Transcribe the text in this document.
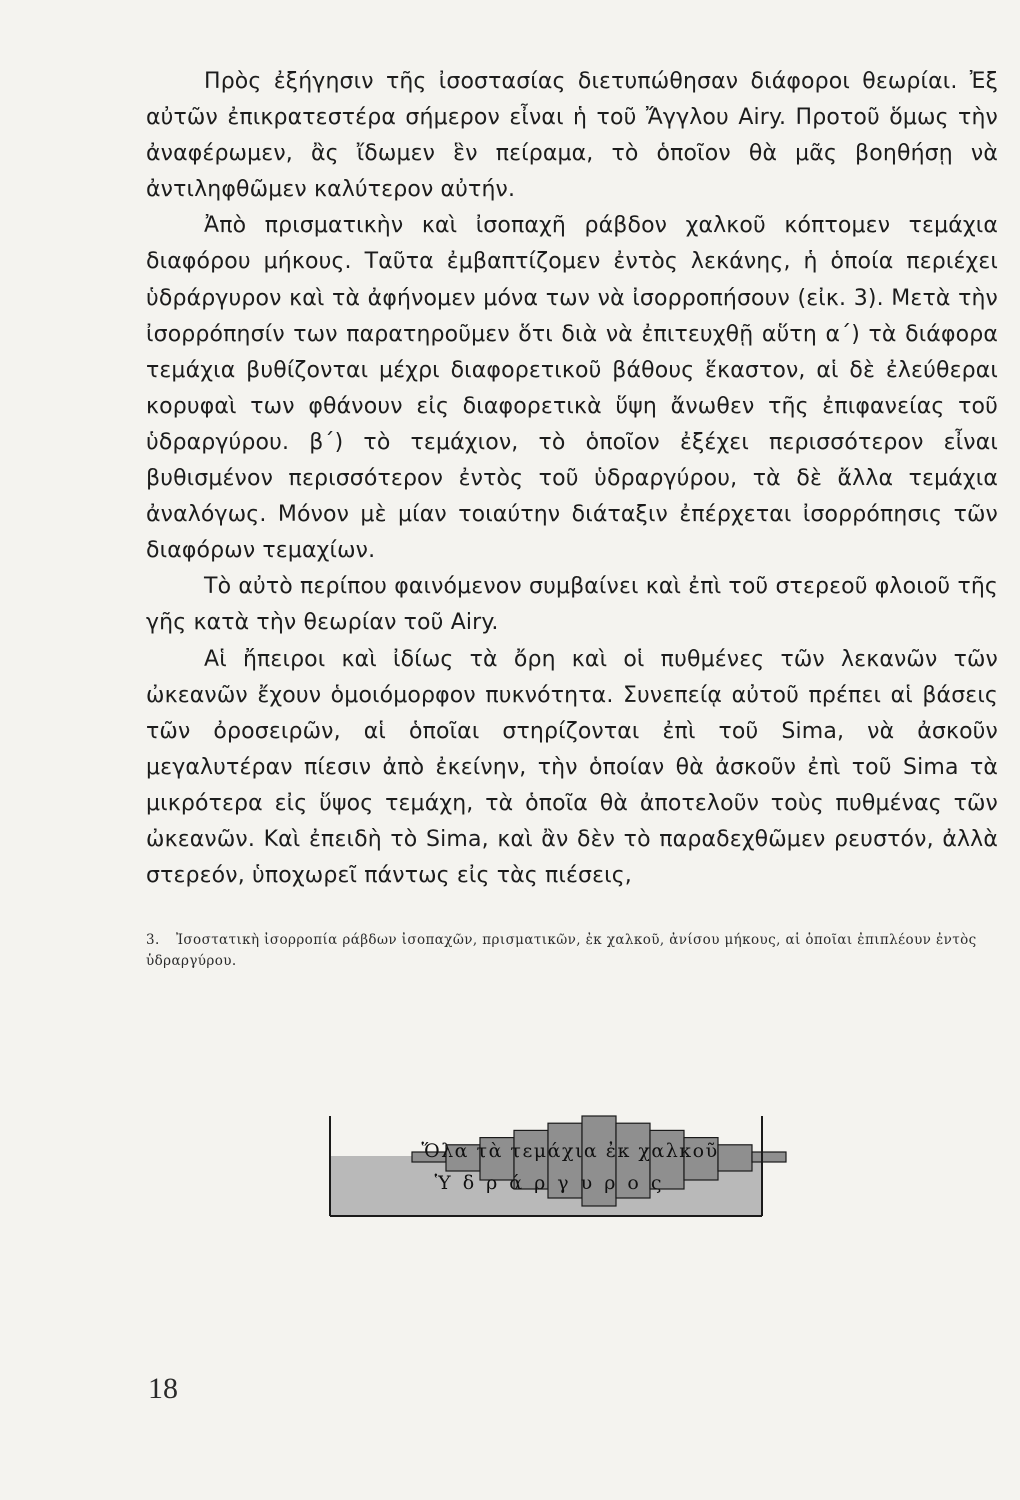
Πρὸς ἐξήγησιν τῆς ἰσοστασίας διετυπώθησαν διάφοροι θεωρίαι. Ἐξ αὐτῶν ἐπικρατεστέρα σήμερον εἶναι ἡ τοῦ Ἄγγλου Airy. Προτοῦ ὅμως τὴν ἀναφέρωμεν, ἂς ἴδωμεν ἓν πείραμα, τὸ ὁποῖον θὰ μᾶς βοηθήσῃ νὰ ἀντιληφθῶμεν καλύτερον αὐτήν.

Ἀπὸ πρισματικὴν καὶ ἰσοπαχῆ ράβδον χαλκοῦ κόπτομεν τεμάχια διαφόρου μήκους. Ταῦτα ἐμβαπτίζομεν ἐντὸς λεκάνης, ἡ ὁποία περιέχει ὑδράργυρον καὶ τὰ ἀφήνομεν μόνα των νὰ ἰσορροπήσουν (εἰκ. 3). Μετὰ τὴν ἰσορρόπησίν των παρατηροῦμεν ὅτι διὰ νὰ ἐπιτευχθῇ αὕτη α΄) τὰ διάφορα τεμάχια βυθίζονται μέχρι διαφορετικοῦ βάθους ἕκαστον, αἱ δὲ ἐλεύθεραι κορυφαὶ των φθάνουν εἰς διαφορετικὰ ὕψη ἄνωθεν τῆς ἐπιφανείας τοῦ ὑδραργύρου. β΄) τὸ τεμάχιον, τὸ ὁποῖον ἐξέχει περισσότερον εἶναι βυθισμένον περισσότερον ἐντὸς τοῦ ὑδραργύρου, τὰ δὲ ἄλλα τεμάχια ἀναλόγως. Μόνον μὲ μίαν τοιαύτην διάταξιν ἐπέρχεται ἰσορρόπησις τῶν διαφόρων τεμαχίων.

Τὸ αὐτὸ περίπου φαινόμενον συμβαίνει καὶ ἐπὶ τοῦ στερεοῦ φλοιοῦ τῆς γῆς κατὰ τὴν θεωρίαν τοῦ Airy.

Αἱ ἤπειροι καὶ ἰδίως τὰ ὄρη καὶ οἱ πυθμένες τῶν λεκανῶν τῶν ὠκεανῶν ἔχουν ὁμοιόμορφον πυκνότητα. Συνεπείᾳ αὐτοῦ πρέπει αἱ βάσεις τῶν ὀροσειρῶν, αἱ ὁποῖαι στηρίζονται ἐπὶ τοῦ Sima, νὰ ἀσκοῦν μεγαλυτέραν πίεσιν ἀπὸ ἐκείνην, τὴν ὁποίαν θὰ ἀσκοῦν ἐπὶ τοῦ Sima τὰ μικρότερα εἰς ὕψος τεμάχη, τὰ ὁποῖα θὰ ἀποτελοῦν τοὺς πυθμένας τῶν ὠκεανῶν. Καὶ ἐπειδὴ τὸ Sima, καὶ ἂν δὲν τὸ παραδεχθῶμεν ρευστόν, ἀλλὰ στερεόν, ὑποχωρεῖ πάντως εἰς τὰς πιέσεις,

3. Ἰσοστατικὴ ἰσορροπία ράβδων ἰσοπαχῶν, πρισματικῶν, ἐκ χαλκοῦ, ἀνίσου μήκους, αἱ ὁποῖαι ἐπιπλέουν ἐντὸς ὑδραργύρου.
Ὅλα τὰ τεμάχια ἐκ χαλκοῦ
Ὑδράργυρος
18
